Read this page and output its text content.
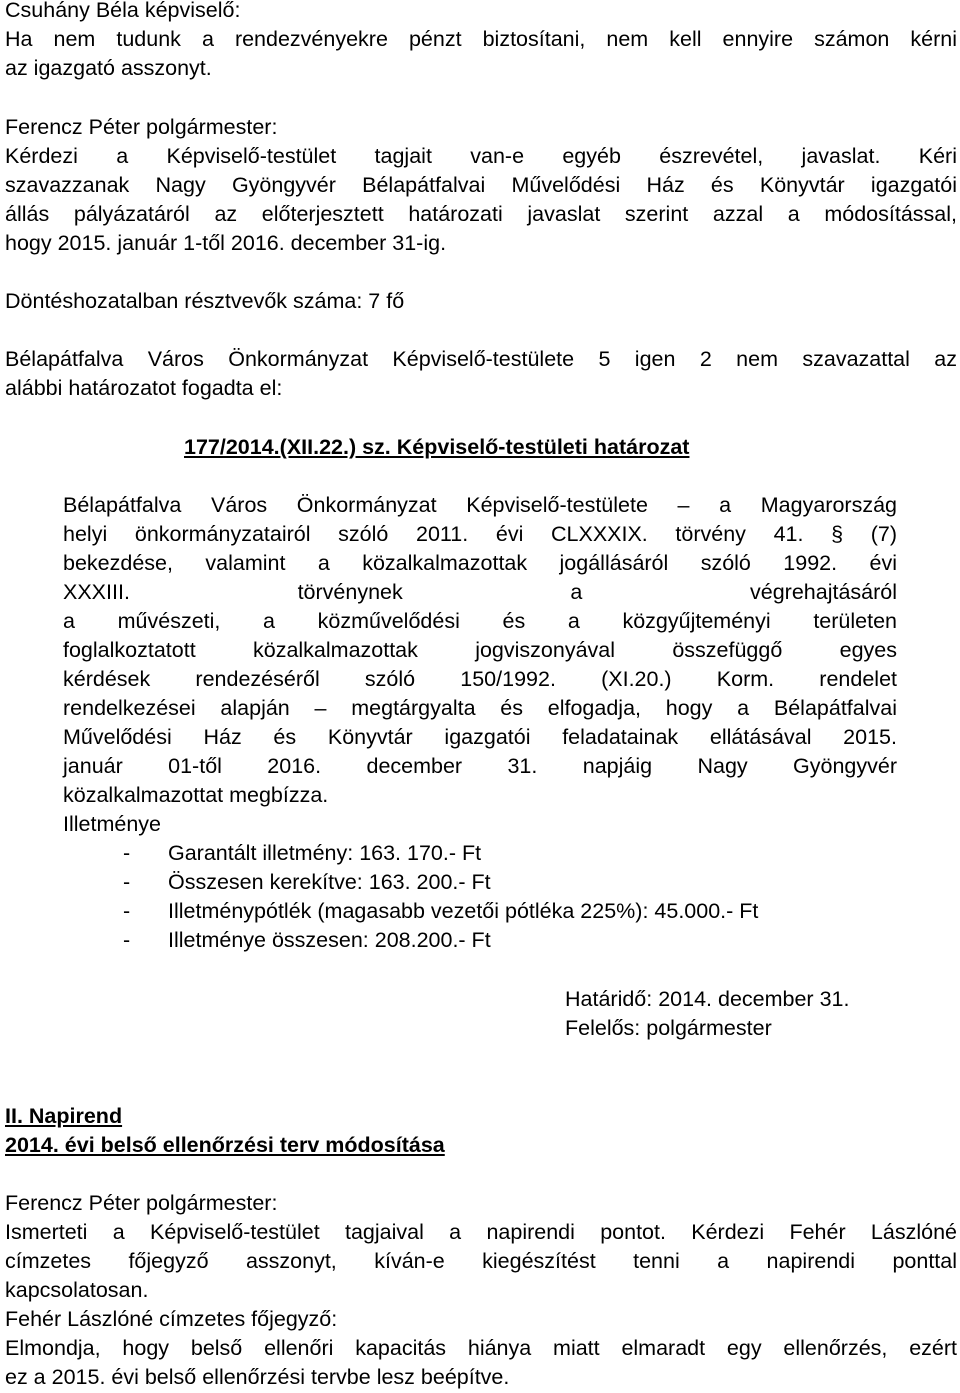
Csuhány Béla képviselő:
Ha nem tudunk a rendezvényekre pénzt biztosítani, nem kell ennyire számon kérni
az igazgató asszonyt.
Ferencz Péter polgármester:
Kérdezi a Képviselő-testület tagjait van-e egyéb észrevétel, javaslat. Kéri
szavazzanak Nagy Gyöngyvér Bélapátfalvai Művelődési Ház és Könyvtár igazgatói
állás pályázatáról az előterjesztett határozati javaslat szerint azzal a módosítással,
hogy 2015. január 1-től 2016. december 31-ig.
Döntéshozatalban résztvevők száma: 7 fő
Bélapátfalva Város Önkormányzat Képviselő-testülete 5 igen 2 nem szavazattal az
alábbi határozatot fogadta el:
177/2014.(XII.22.) sz. Képviselő-testületi határozat
Bélapátfalva Város Önkormányzat Képviselő-testülete – a Magyarország
helyi önkormányzatairól szóló 2011. évi CLXXXIX. törvény 41. § (7)
bekezdése, valamint a közalkalmazottak jogállásáról szóló 1992. évi
XXXIII. törvénynek a végrehajtásáról
a művészeti, a közművelődési és a közgyűjteményi területen
foglalkoztatott közalkalmazottak jogviszonyával összefüggő egyes
kérdések rendezéséről szóló 150/1992. (XI.20.) Korm. rendelet
rendelkezései alapján – megtárgyalta és elfogadja, hogy a Bélapátfalvai
Művelődési Ház és Könyvtár igazgatói feladatainak ellátásával 2015.
január 01-től 2016. december 31. napjáig Nagy Gyöngyvér
közalkalmazottat megbízza.
Illetménye
-	Garantált illetmény: 163. 170.- Ft
-	Összesen kerekítve: 163. 200.- Ft
-	Illetménypótlék (magasabb vezetői pótléka 225%): 45.000.- Ft
-	Illetménye összesen: 208.200.- Ft
Határidő: 2014. december 31.
Felelős: polgármester
II. Napirend
2014. évi belső ellenőrzési terv módosítása
Ferencz Péter polgármester:
Ismerteti a Képviselő-testület tagjaival a napirendi pontot. Kérdezi Fehér Lászlóné
címzetes főjegyző asszonyt, kíván-e kiegészítést tenni a napirendi ponttal
kapcsolatosan.
Fehér Lászlóné címzetes főjegyző:
Elmondja, hogy belső ellenőri kapacitás hiánya miatt elmaradt egy ellenőrzés, ezért
ez a 2015. évi belső ellenőrzési tervbe lesz beépítve.
